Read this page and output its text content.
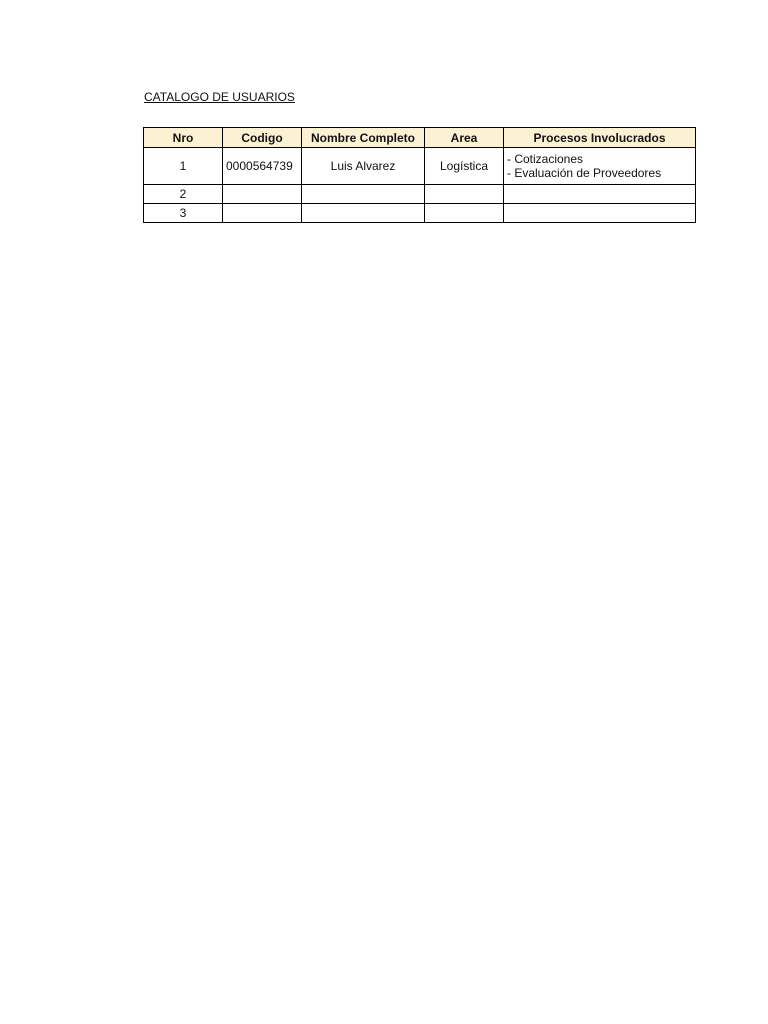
CATALOGO DE USUARIOS
Nro	Codigo	Nombre Completo	Area	Procesos Involucrados
1	0000564739	Luis Alvarez	Logística	- Cotizaciones
- Evaluación de Proveedores

2				
3				
